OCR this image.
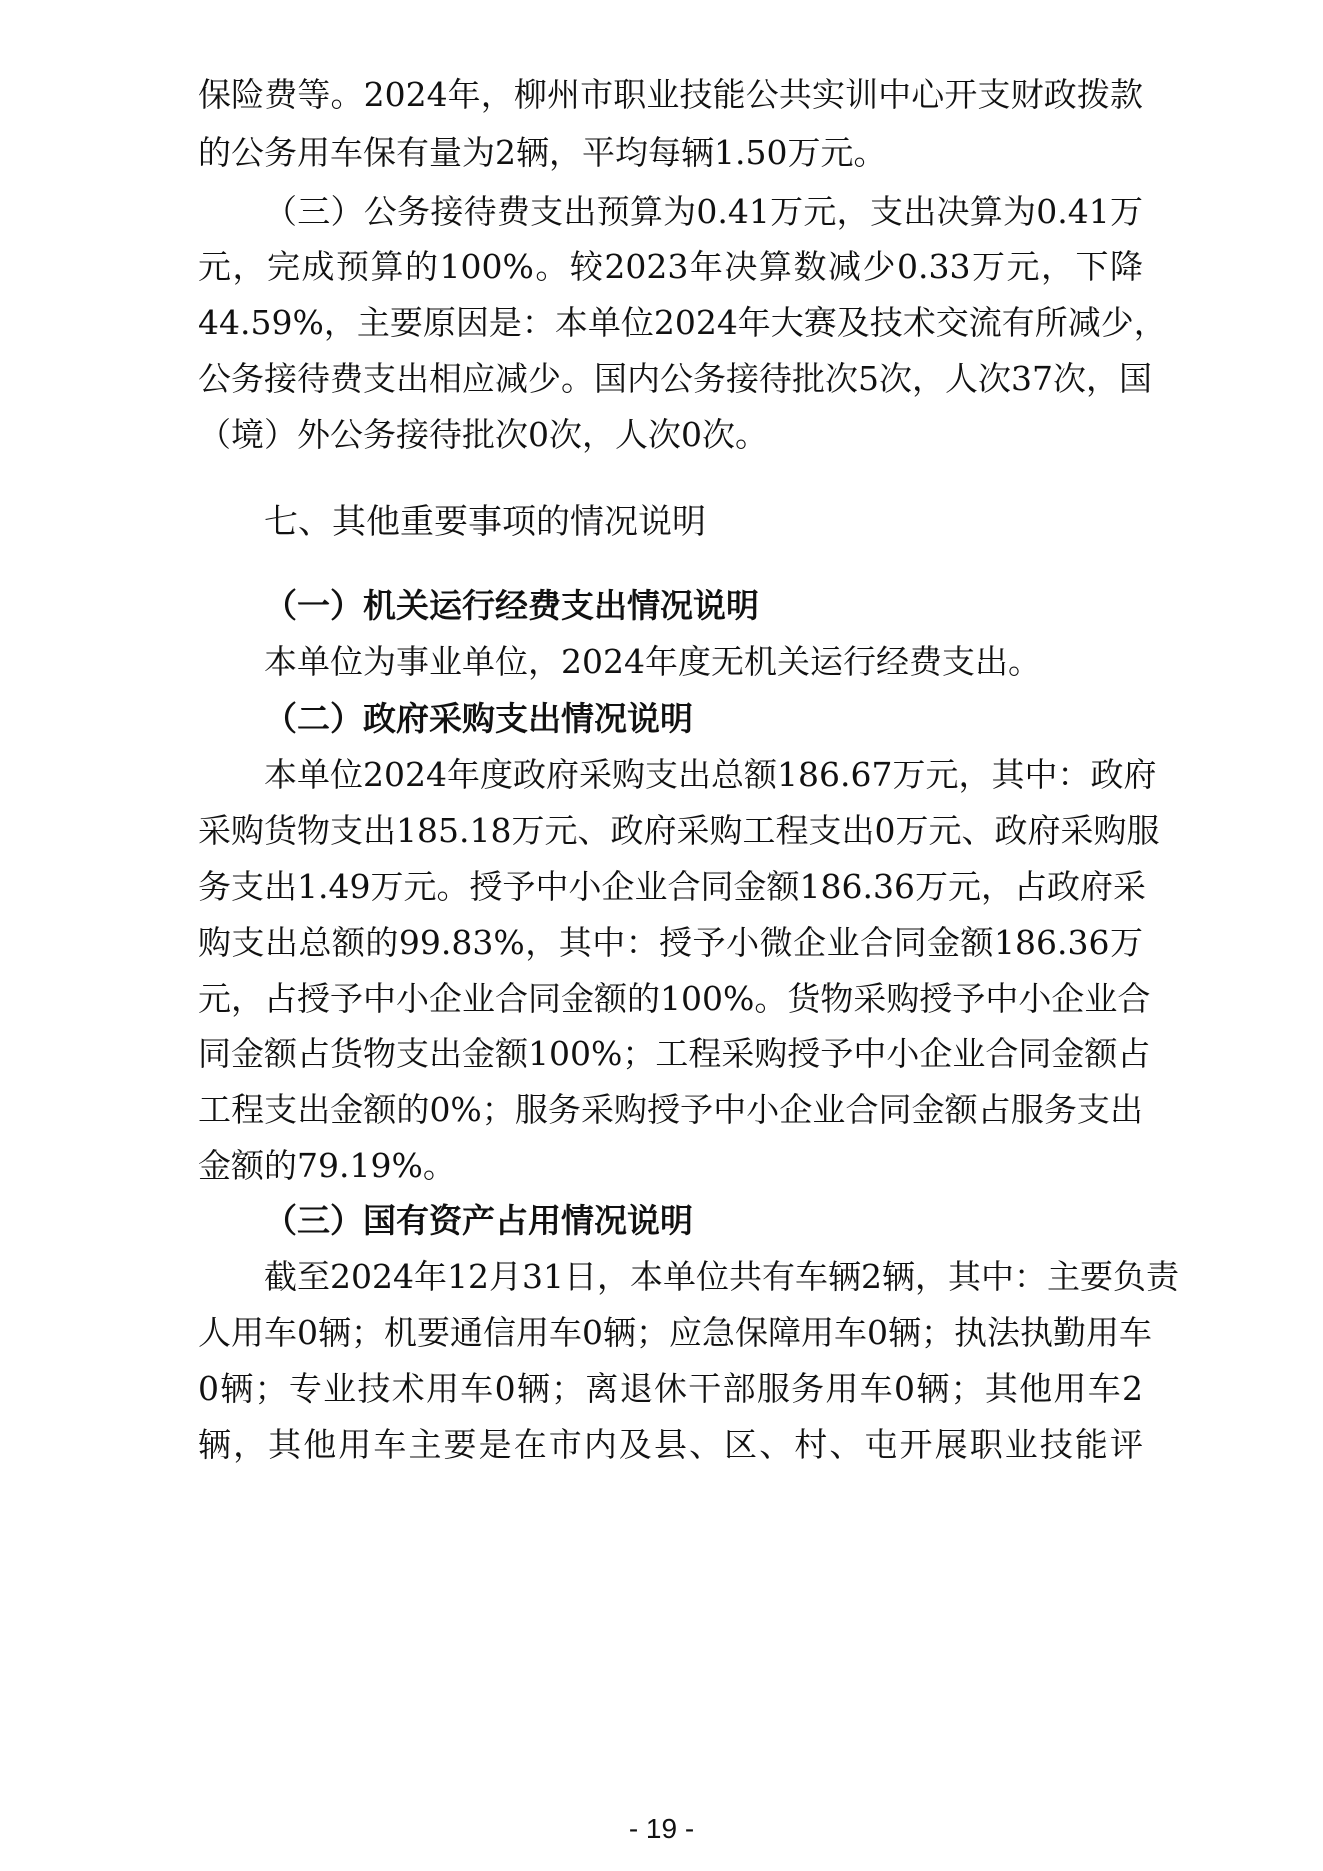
保险费等。2024年，柳州市职业技能公共实训中心开支财政拨款
的公务用车保有量为2辆，平均每辆1.50万元。
（三）公务接待费支出预算为0.41万元，支出决算为0.41万
元，完成预算的100%。较2023年决算数减少0.33万元，下降
44.59%，主要原因是：本单位2024年大赛及技术交流有所减少，
公务接待费支出相应减少。国内公务接待批次5次，人次37次，国
（境）外公务接待批次0次，人次0次。
七、其他重要事项的情况说明
（一）机关运行经费支出情况说明
本单位为事业单位，2024年度无机关运行经费支出。
（二）政府采购支出情况说明
本单位2024年度政府采购支出总额186.67万元，其中：政府
采购货物支出185.18万元、政府采购工程支出0万元、政府采购服
务支出1.49万元。授予中小企业合同金额186.36万元，占政府采
购支出总额的99.83%，其中：授予小微企业合同金额186.36万
元，占授予中小企业合同金额的100%。货物采购授予中小企业合
同金额占货物支出金额100%；工程采购授予中小企业合同金额占
工程支出金额的0%；服务采购授予中小企业合同金额占服务支出
金额的79.19%。
（三）国有资产占用情况说明
截至2024年12月31日，本单位共有车辆2辆，其中：主要负责
人用车0辆；机要通信用车0辆；应急保障用车0辆；执法执勤用车
0辆；专业技术用车0辆；离退休干部服务用车0辆；其他用车2
辆，其他用车主要是在市内及县、区、村、屯开展职业技能评
- 19 -
